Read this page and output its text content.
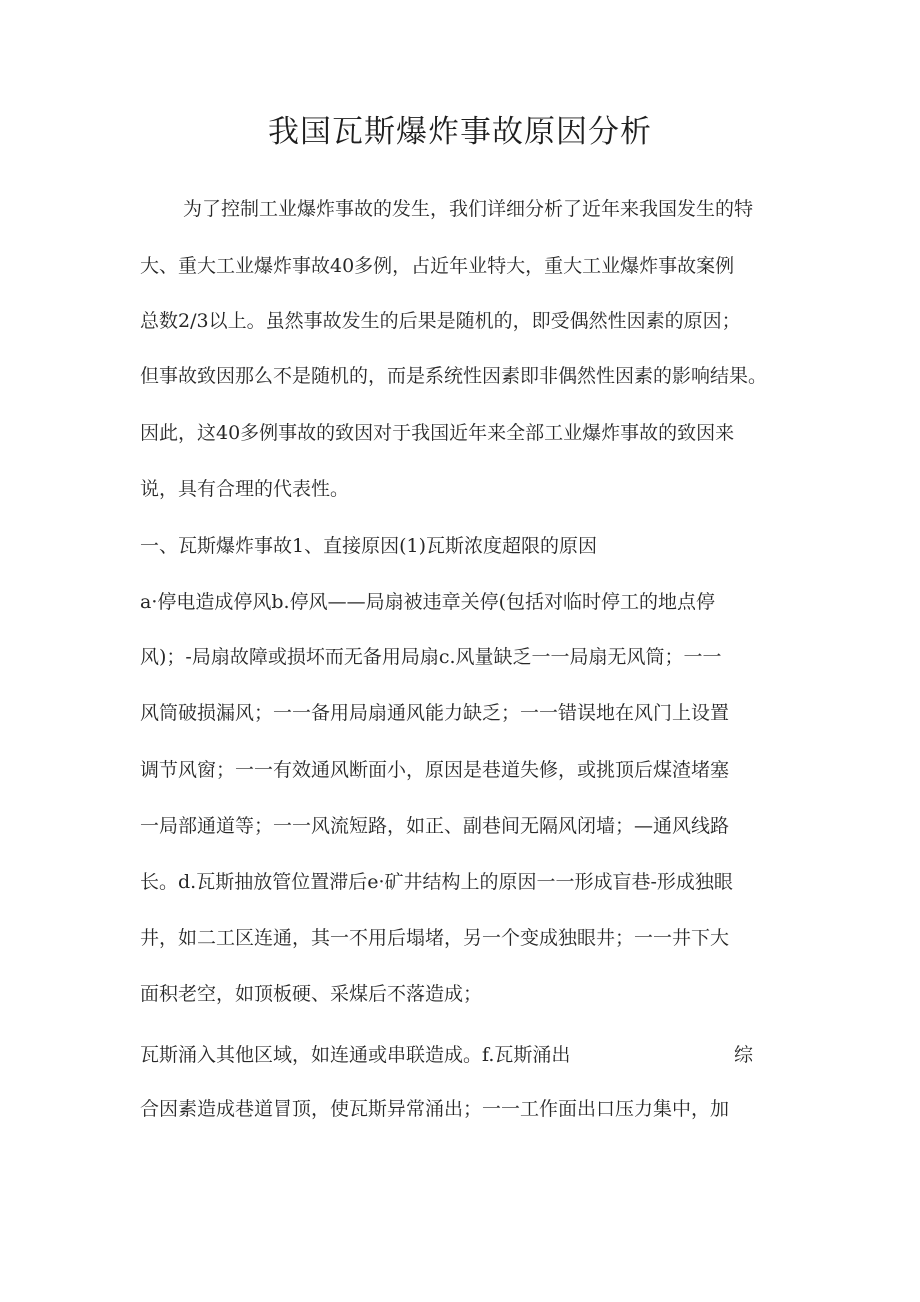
我国瓦斯爆炸事故原因分析
为了控制工业爆炸事故的发生，我们详细分析了近年来我国发生的特
大、重大工业爆炸事故40多例，占近年业特大，重大工业爆炸事故案例
总数2/3以上。虽然事故发生的后果是随机的，即受偶然性因素的原因；
但事故致因那么不是随机的，而是系统性因素即非偶然性因素的影响结果。
因此，这40多例事故的致因对于我国近年来全部工业爆炸事故的致因来
说，具有合理的代表性。
一、瓦斯爆炸事故1、直接原因(1)瓦斯浓度超限的原因
a·停电造成停风b.停风——局扇被违章关停(包括对临时停工的地点停
风)；-局扇故障或损坏而无备用局扇c.风量缺乏一一局扇无风筒；一一
风筒破损漏风；一一备用局扇通风能力缺乏；一一错误地在风门上设置
调节风窗；一一有效通风断面小，原因是巷道失修，或挑顶后煤渣堵塞
一局部通道等；一一风流短路，如正、副巷间无隔风闭墙；—通风线路
长。d.瓦斯抽放管位置滞后e·矿井结构上的原因一一形成盲巷-形成独眼
井，如二工区连通，其一不用后塌堵，另一个变成独眼井；一一井下大
面积老空，如顶板硬、采煤后不落造成；
瓦斯涌入其他区域，如连通或串联造成。f.瓦斯涌出	综
合因素造成巷道冒顶，使瓦斯异常涌出；一一工作面出口压力集中，加
